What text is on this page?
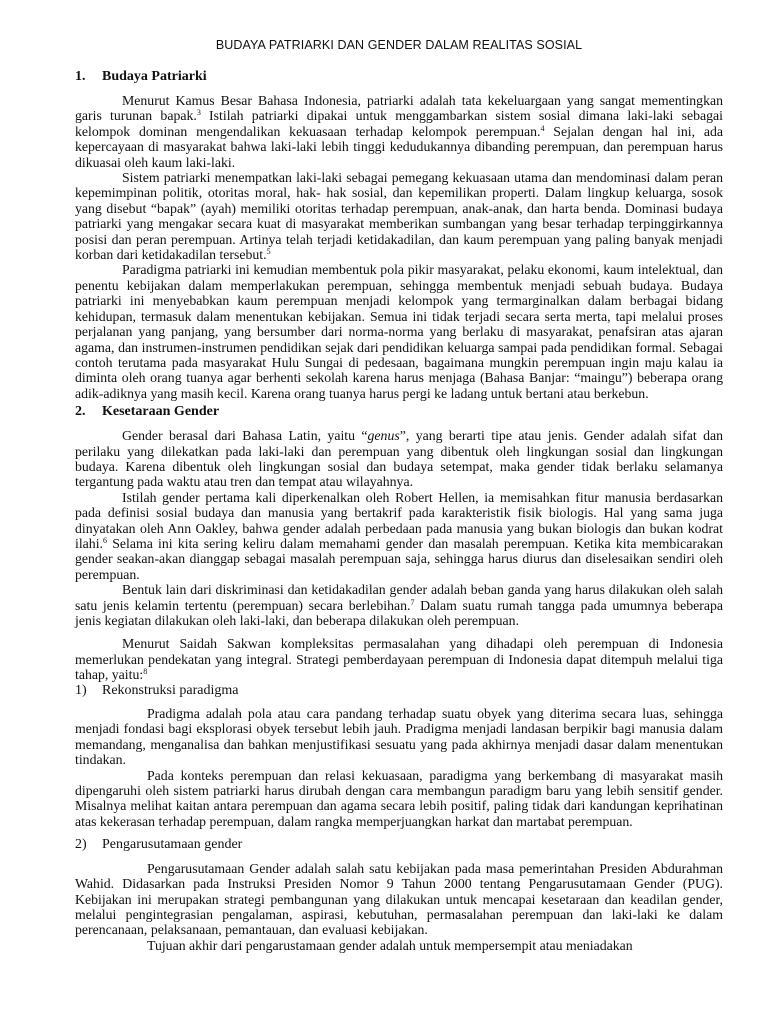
BUDAYA PATRIARKI DAN GENDER DALAM REALITAS SOSIAL
1.	Budaya Patriarki

Menurut Kamus Besar Bahasa Indonesia, patriarki adalah tata kekeluargaan yang sangat mementingkan garis turunan bapak.$^3$ Istilah patriarki dipakai untuk menggambarkan sistem sosial dimana laki-laki sebagai kelompok dominan mengendalikan kekuasaan terhadap kelompok perempuan.$^4$ Sejalan dengan hal ini, ada kepercayaan di masyarakat bahwa laki-laki lebih tinggi kedudukannya dibanding perempuan, dan perempuan harus dikuasai oleh kaum laki-laki.

Sistem patriarki menempatkan laki-laki sebagai pemegang kekuasaan utama dan mendominasi dalam peran kepemimpinan politik, otoritas moral, hak- hak sosial, dan kepemilikan properti. Dalam lingkup keluarga, sosok yang disebut “bapak” (ayah) memiliki otoritas terhadap perempuan, anak-anak, dan harta benda. Dominasi budaya patriarki yang mengakar secara kuat di masyarakat memberikan sumbangan yang besar terhadap terpinggirkannya posisi dan peran perempuan. Artinya telah terjadi ketidakadilan, dan kaum perempuan yang paling banyak menjadi korban dari ketidakadilan tersebut.$^5$

Paradigma patriarki ini kemudian membentuk pola pikir masyarakat, pelaku ekonomi, kaum intelektual, dan penentu kebijakan dalam memperlakukan perempuan, sehingga membentuk menjadi sebuah budaya. Budaya patriarki ini menyebabkan kaum perempuan menjadi kelompok yang termarginalkan dalam berbagai bidang kehidupan, termasuk dalam menentukan kebijakan. Semua ini tidak terjadi secara serta merta, tapi melalui proses perjalanan yang panjang, yang bersumber dari norma-norma yang berlaku di masyarakat, penafsiran atas ajaran agama, dan instrumen-instrumen pendidikan sejak dari pendidikan keluarga sampai pada pendidikan formal. Sebagai contoh terutama pada masyarakat Hulu Sungai di pedesaan, bagaimana mungkin perempuan ingin maju kalau ia diminta oleh orang tuanya agar berhenti sekolah karena harus menjaga (Bahasa Banjar: “maingu”) beberapa orang adik-adiknya yang masih kecil. Karena orang tuanya harus pergi ke ladang untuk bertani atau berkebun.

2.	Kesetaraan Gender

Gender berasal dari Bahasa Latin, yaitu “genus”, yang berarti tipe atau jenis. Gender adalah sifat dan perilaku yang dilekatkan pada laki-laki dan perempuan yang dibentuk oleh lingkungan sosial dan lingkungan budaya. Karena dibentuk oleh lingkungan sosial dan budaya setempat, maka gender tidak berlaku selamanya tergantung pada waktu atau tren dan tempat atau wilayahnya.

Istilah gender pertama kali diperkenalkan oleh Robert Hellen, ia memisahkan fitur manusia berdasarkan pada definisi sosial budaya dan manusia yang bertakrif pada karakteristik fisik biologis. Hal yang sama juga dinyatakan oleh Ann Oakley, bahwa gender adalah perbedaan pada manusia yang bukan biologis dan bukan kodrat ilahi.$^6$ Selama ini kita sering keliru dalam memahami gender dan masalah perempuan. Ketika kita membicarakan gender seakan-akan dianggap sebagai masalah perempuan saja, sehingga harus diurus dan diselesaikan sendiri oleh perempuan.

Bentuk lain dari diskriminasi dan ketidakadilan gender adalah beban ganda yang harus dilakukan oleh salah satu jenis kelamin tertentu (perempuan) secara berlebihan.$^7$ Dalam suatu rumah tangga pada umumnya beberapa jenis kegiatan dilakukan oleh laki-laki, dan beberapa dilakukan oleh perempuan.

Menurut Saidah Sakwan kompleksitas permasalahan yang dihadapi oleh perempuan di Indonesia memerlukan pendekatan yang integral. Strategi pemberdayaan perempuan di Indonesia dapat ditempuh melalui tiga tahap, yaitu:$^8$

1)	Rekonstruksi paradigma

Pradigma adalah pola atau cara pandang terhadap suatu obyek yang diterima secara luas, sehingga menjadi fondasi bagi eksplorasi obyek tersebut lebih jauh. Pradigma menjadi landasan berpikir bagi manusia dalam memandang, menganalisa dan bahkan menjustifikasi sesuatu yang pada akhirnya menjadi dasar dalam menentukan tindakan.

Pada konteks perempuan dan relasi kekuasaan, paradigma yang berkembang di masyarakat masih dipengaruhi oleh sistem patriarki harus dirubah dengan cara membangun paradigm baru yang lebih sensitif gender. Misalnya melihat kaitan antara perempuan dan agama secara lebih positif, paling tidak dari kandungan keprihatinan atas kekerasan terhadap perempuan, dalam rangka memperjuangkan harkat dan martabat perempuan.

2)	Pengarusutamaan gender

Pengarusutamaan Gender adalah salah satu kebijakan pada masa pemerintahan Presiden Abdurahman Wahid. Didasarkan pada Instruksi Presiden Nomor 9 Tahun 2000 tentang Pengarusutamaan Gender (PUG). Kebijakan ini merupakan strategi pembangunan yang dilakukan untuk mencapai kesetaraan dan keadilan gender, melalui pengintegrasian pengalaman, aspirasi, kebutuhan, permasalahan perempuan dan laki-laki ke dalam perencanaan, pelaksanaan, pemantauan, dan evaluasi kebijakan.

Tujuan akhir dari pengarustamaan gender adalah untuk mempersempit atau meniadakan
